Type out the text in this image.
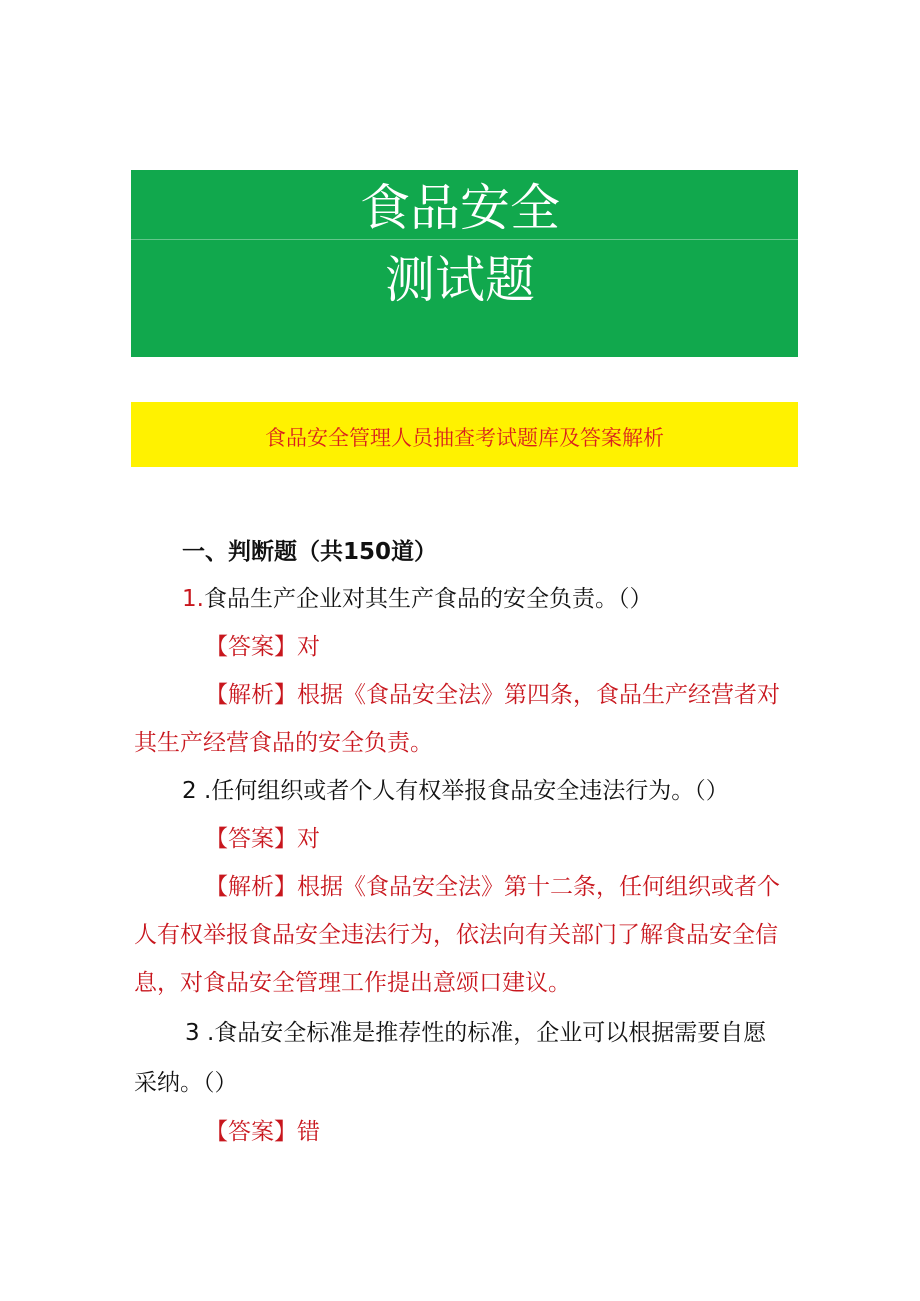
食品安全
测试题
食品安全管理人员抽查考试题库及答案解析
一、判断题（共150道）
1.食品生产企业对其生产食品的安全负责。（）
【答案】对
【解析】根据《食品安全法》第四条，食品生产经营者对
其生产经营食品的安全负责。
2 .任何组织或者个人有权举报食品安全违法行为。（）
【答案】对
【解析】根据《食品安全法》第十二条，任何组织或者个
人有权举报食品安全违法行为，依法向有关部门了解食品安全信
息，对食品安全管理工作提出意颂口建议。
3 .食品安全标准是推荐性的标准，企业可以根据需要自愿
采纳。（）
【答案】错
